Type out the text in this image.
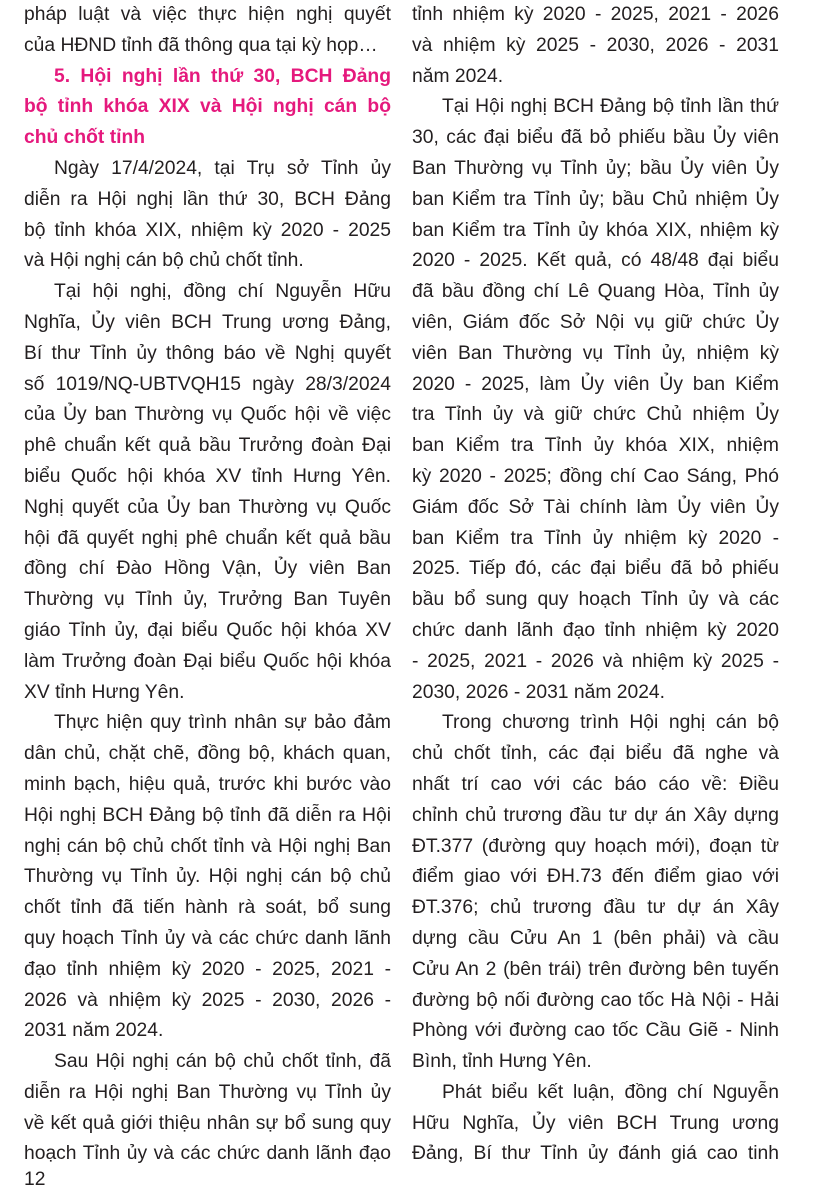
pháp luật và việc thực hiện nghị quyết
của HĐND tỉnh đã thông qua tại kỳ họp…
5. Hội nghị lần thứ 30, BCH Đảng
bộ tỉnh khóa XIX và Hội nghị cán bộ
chủ chốt tỉnh
Ngày 17/4/2024, tại Trụ sở Tỉnh ủy
diễn ra Hội nghị lần thứ 30, BCH Đảng
bộ tỉnh khóa XIX, nhiệm kỳ 2020 - 2025
và Hội nghị cán bộ chủ chốt tỉnh.
Tại hội nghị, đồng chí Nguyễn Hữu
Nghĩa, Ủy viên BCH Trung ương Đảng,
Bí thư Tỉnh ủy thông báo về Nghị quyết
số 1019/NQ-UBTVQH15 ngày 28/3/2024
của Ủy ban Thường vụ Quốc hội về việc
phê chuẩn kết quả bầu Trưởng đoàn Đại
biểu Quốc hội khóa XV tỉnh Hưng Yên.
Nghị quyết của Ủy ban Thường vụ Quốc
hội đã quyết nghị phê chuẩn kết quả bầu
đồng chí Đào Hồng Vận, Ủy viên Ban
Thường vụ Tỉnh ủy, Trưởng Ban Tuyên
giáo Tỉnh ủy, đại biểu Quốc hội khóa XV
làm Trưởng đoàn Đại biểu Quốc hội khóa
XV tỉnh Hưng Yên.
Thực hiện quy trình nhân sự bảo đảm
dân chủ, chặt chẽ, đồng bộ, khách quan,
minh bạch, hiệu quả, trước khi bước vào
Hội nghị BCH Đảng bộ tỉnh đã diễn ra Hội
nghị cán bộ chủ chốt tỉnh và Hội nghị Ban
Thường vụ Tỉnh ủy. Hội nghị cán bộ chủ
chốt tỉnh đã tiến hành rà soát, bổ sung
quy hoạch Tỉnh ủy và các chức danh lãnh
đạo tỉnh nhiệm kỳ 2020 - 2025, 2021 -
2026 và nhiệm kỳ 2025 - 2030, 2026 -
2031 năm 2024.
Sau Hội nghị cán bộ chủ chốt tỉnh, đã
diễn ra Hội nghị Ban Thường vụ Tỉnh ủy
về kết quả giới thiệu nhân sự bổ sung quy
hoạch Tỉnh ủy và các chức danh lãnh đạo
tỉnh nhiệm kỳ 2020 - 2025, 2021 - 2026
và nhiệm kỳ 2025 - 2030, 2026 - 2031
năm 2024.
Tại Hội nghị BCH Đảng bộ tỉnh lần thứ
30, các đại biểu đã bỏ phiếu bầu Ủy viên
Ban Thường vụ Tỉnh ủy; bầu Ủy viên Ủy
ban Kiểm tra Tỉnh ủy; bầu Chủ nhiệm Ủy
ban Kiểm tra Tỉnh ủy khóa XIX, nhiệm kỳ
2020 - 2025. Kết quả, có 48/48 đại biểu
đã bầu đồng chí Lê Quang Hòa, Tỉnh ủy
viên, Giám đốc Sở Nội vụ giữ chức Ủy
viên Ban Thường vụ Tỉnh ủy, nhiệm kỳ
2020 - 2025, làm Ủy viên Ủy ban Kiểm
tra Tỉnh ủy và giữ chức Chủ nhiệm Ủy
ban Kiểm tra Tỉnh ủy khóa XIX, nhiệm
kỳ 2020 - 2025; đồng chí Cao Sáng, Phó
Giám đốc Sở Tài chính làm Ủy viên Ủy
ban Kiểm tra Tỉnh ủy nhiệm kỳ 2020 -
2025. Tiếp đó, các đại biểu đã bỏ phiếu
bầu bổ sung quy hoạch Tỉnh ủy và các
chức danh lãnh đạo tỉnh nhiệm kỳ 2020
- 2025, 2021 - 2026 và nhiệm kỳ 2025 -
2030, 2026 - 2031 năm 2024.
Trong chương trình Hội nghị cán bộ
chủ chốt tỉnh, các đại biểu đã nghe và
nhất trí cao với các báo cáo về: Điều
chỉnh chủ trương đầu tư dự án Xây dựng
ĐT.377 (đường quy hoạch mới), đoạn từ
điểm giao với ĐH.73 đến điểm giao với
ĐT.376; chủ trương đầu tư dự án Xây
dựng cầu Cửu An 1 (bên phải) và cầu
Cửu An 2 (bên trái) trên đường bên tuyến
đường bộ nối đường cao tốc Hà Nội - Hải
Phòng với đường cao tốc Cầu Giẽ - Ninh
Bình, tỉnh Hưng Yên.
Phát biểu kết luận, đồng chí Nguyễn
Hữu Nghĩa, Ủy viên BCH Trung ương
Đảng, Bí thư Tỉnh ủy đánh giá cao tinh
12
